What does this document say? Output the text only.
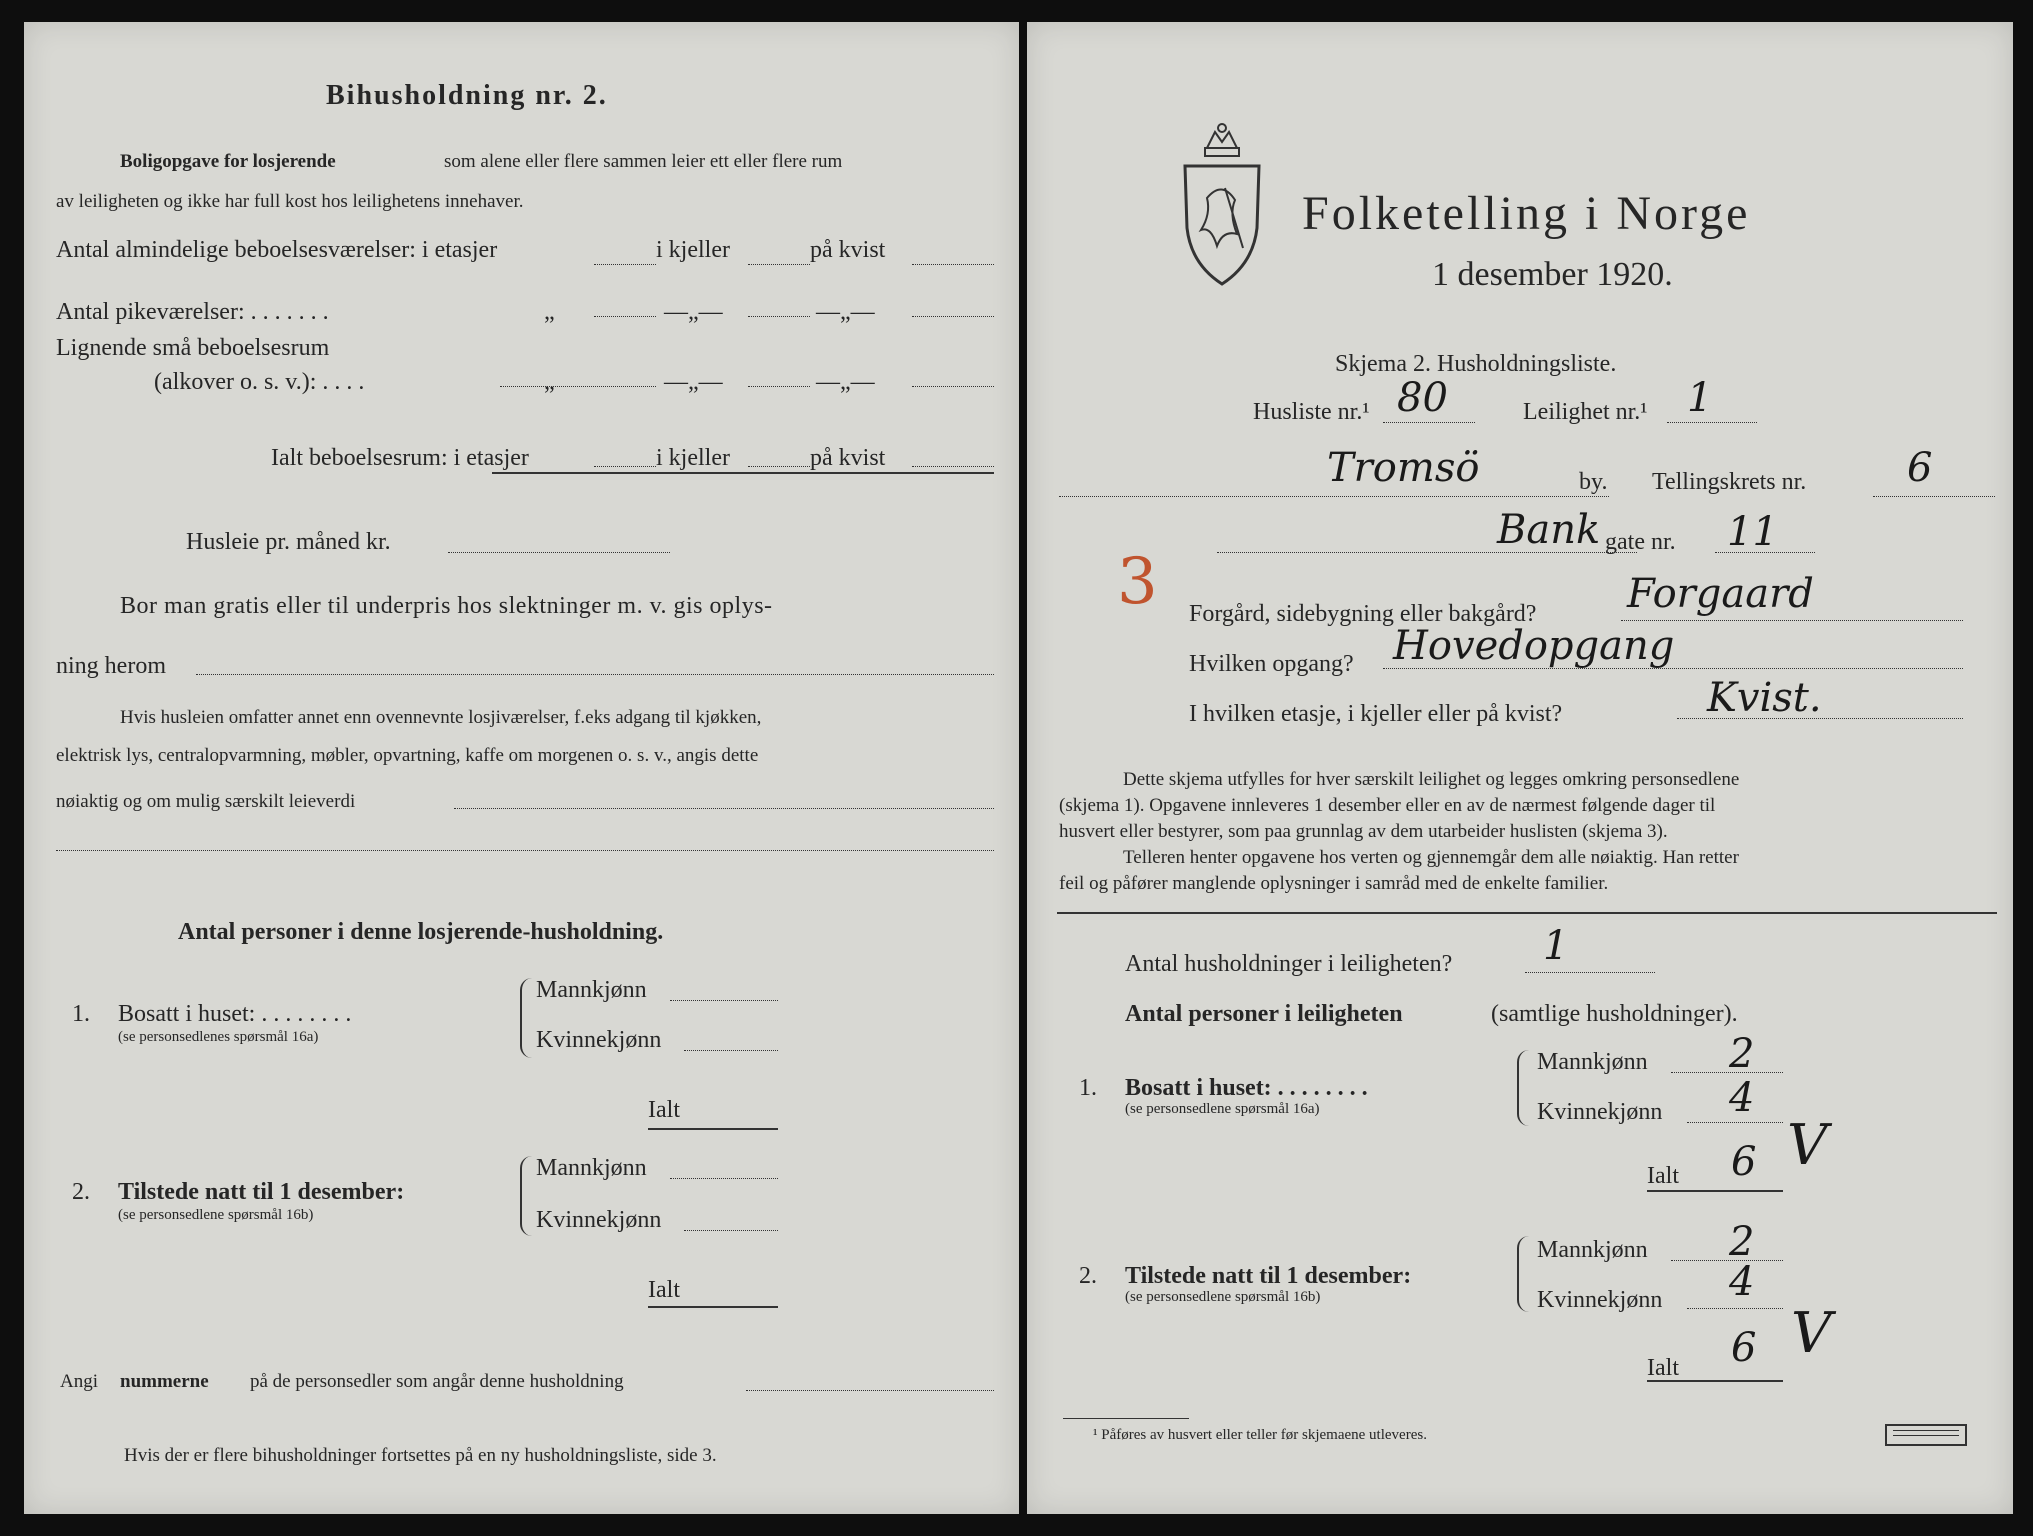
Bihusholdning nr. 2.
Boligopgave for losjerende	som alene eller flere sammen leier ett eller flere rum
av leiligheten og ikke har full kost hos leilighetens innehaver.
Antal almindelige beboelsesværelser: i etasjer	i kjeller	på kvist
Antal pikeværelser: . . . . . . .	„	—„—	—„—
Lignende små beboelsesrum
(alkover o. s. v.): . . . .	„	—„—	—„—
Ialt beboelsesrum: i etasjer	i kjeller	på kvist
Husleie pr. måned kr.
Bor man gratis eller til underpris hos slektninger m. v. gis oplys-
ning herom
Hvis husleien omfatter annet enn ovennevnte losjiværelser, f.eks adgang til kjøkken,
elektrisk lys, centralopvarmning, møbler, opvartning, kaffe om morgenen o. s. v., angis dette
nøiaktig og om mulig særskilt leieverdi
Antal personer i denne losjerende-husholdning.
1. Bosatt i huset: . . . . . . . .
(se personsedlenes spørsmål 16a)
Mannkjønn
Kvinnekjønn
Ialt
2. Tilstede natt til 1 desember:
(se personsedlene spørsmål 16b)
Mannkjønn
Kvinnekjønn
Ialt
Angi nummerne på de personsedler som angår denne husholdning
Hvis der er flere bihusholdninger fortsettes på en ny husholdningsliste, side 3.
Folketelling i Norge
1 desember 1920.
Skjema 2. Husholdningsliste.
Husliste nr.¹ 80	Leilighet nr.¹ 1
Tromsö	by. Tellingskrets nr.	6
Bank gate nr. 11
3 Forgård, sidebygning eller bakgård? Forgaard
Hvilken opgang? Hovedopgang
I hvilken etasje, i kjeller eller på kvist?	Kvist.
Dette skjema utfylles for hver særskilt leilighet og legges omkring personsedlene
(skjema 1). Opgavene innleveres 1 desember eller en av de nærmest følgende dager til
husvert eller bestyrer, som paa grunnlag av dem utarbeider huslisten (skjema 3).
Telleren henter opgavene hos verten og gjennemgår dem alle nøiaktig. Han retter
feil og påfører manglende oplysninger i samråd med de enkelte familier.
Antal husholdninger i leiligheten? 1
Antal personer i leiligheten	(samtlige husholdninger).
1. Bosatt i huset: . . . . . . . .
(se personsedlene spørsmål 16a)
Mannkjønn 2
Kvinnekjønn 4
Ialt 6 V
2. Tilstede natt til 1 desember:
(se personsedlene spørsmål 16b)
Mannkjønn 2
Kvinnekjønn 4
Ialt 6 V
¹ Påføres av husvert eller teller før skjemaene utleveres.
